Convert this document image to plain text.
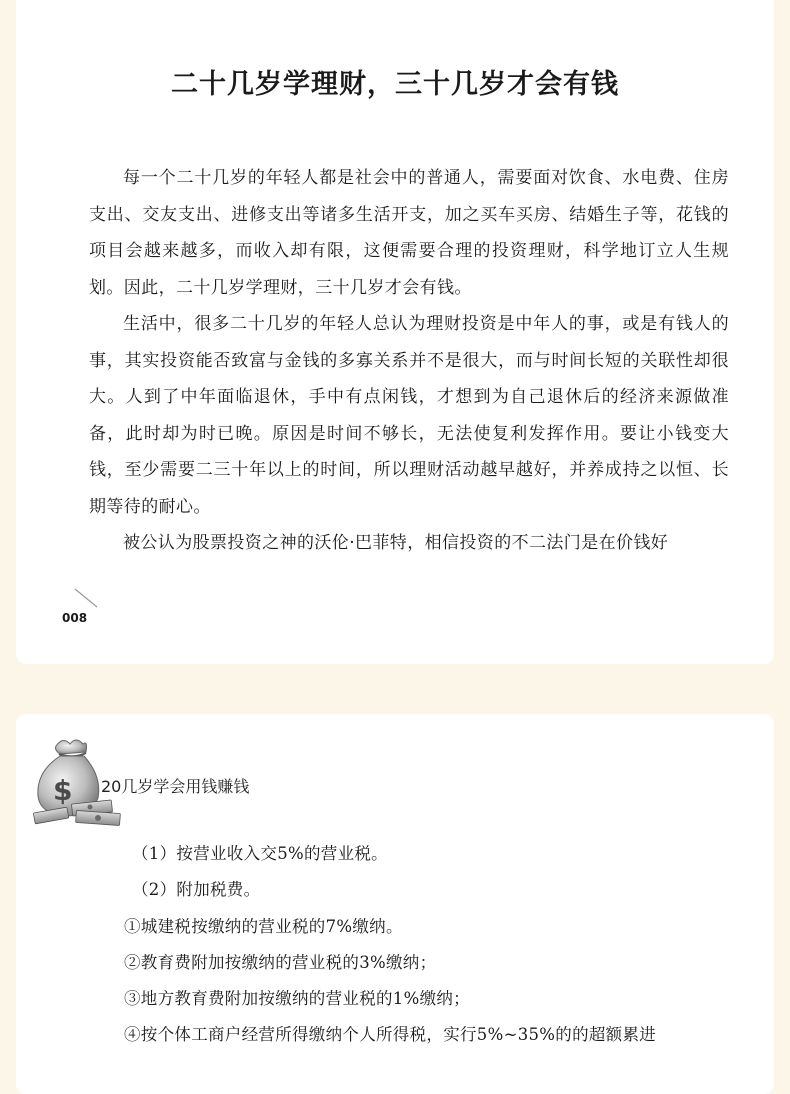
二十几岁学理财，三十几岁才会有钱

每一个二十几岁的年轻人都是社会中的普通人，需要面对饮食、水电费、住房支出、交友支出、进修支出等诸多生活开支，加之买车买房、结婚生子等，花钱的项目会越来越多，而收入却有限，这便需要合理的投资理财，科学地订立人生规划。因此，二十几岁学理财，三十几岁才会有钱。

生活中，很多二十几岁的年轻人总认为理财投资是中年人的事，或是有钱人的事，其实投资能否致富与金钱的多寡关系并不是很大，而与时间长短的关联性却很大。人到了中年面临退休，手中有点闲钱，才想到为自己退休后的经济来源做准备，此时却为时已晚。原因是时间不够长，无法使复利发挥作用。要让小钱变大钱，至少需要二三十年以上的时间，所以理财活动越早越好，并养成持之以恒、长期等待的耐心。

被公认为股票投资之神的沃伦·巴菲特，相信投资的不二法门是在价钱好

008
$ 20几岁学会用钱赚钱
（1）按营业收入交5%的营业税。
（2）附加税费。
①城建税按缴纳的营业税的7%缴纳。
②教育费附加按缴纳的营业税的3%缴纳；
③地方教育费附加按缴纳的营业税的1%缴纳；
④按个体工商户经营所得缴纳个人所得税，实行5%~35%的的超额累进
